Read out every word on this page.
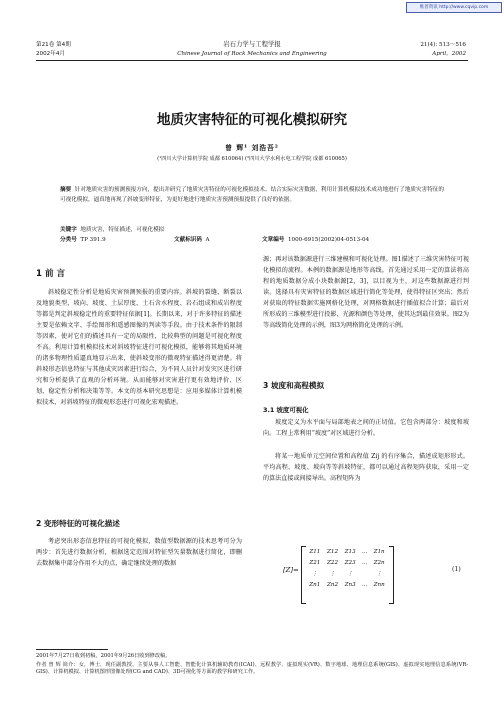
维普资讯 http://www.cqvip.com
第21卷 第4期
2002年4月
岩石力学与工程学报
Chinese Journal of Rock Mechanics and Engineering
21(4): 513～516
April，2002
地质灾害特征的可视化模拟研究
曾 辉¹ 刘浩吾²
(¹四川大学计算机学院 成都 610064) (²四川大学水利水电工程学院 成都 610065)
摘要 针对地质灾害的预测预报方向，提出并研究了地质灾害特征的可视化模拟技术。结合实际灾害数据，利用计算机模拟技术成功地进行了地质灾害特征的可视化模拟，逼真地再现了斜坡变形特征，为更好地进行地质灾害预测预报提供了良好的依据。
关键字 地质灾害，特征描述，可视化模拟
分类号 TP 391.9	文献标识码 A	文章编号 1000-6915(2002)04-0513-04
1 前 言
斜坡稳定性分析是地质灾害预测预报的重要内容。斜坡的裂缝、断裂以及地貌类型、坡向、坡度、土层厚度、土石含水程度、岩石组成和成岩程度等都是判定斜坡稳定性的重要特征依据[1]。长期以来，对于许多特征的描述主要是依赖文字、手绘图形和遥感图像的判读等手段。由于技术条件的限制等因素，使对它们的描述具有一定的局限性，比较典型的问题是可视化程度不高。利用计算机模拟技术对斜坡特征进行可视化模拟，能够将其地质环境的诸多物理性质逼真地显示出来，使斜坡变形的微观特征描述得更清楚。将斜坡形态信息特征与其他成灾因素进行综合，为不同人员针对发灾区进行研究和分析提供了直观的分析环境。从而能够对灾害进行更有效地评价、区划、稳定性分析和决策等等。本文的基本研究思想是：应用多媒体计算机模拟技术，对斜坡特征的微观形态进行可视化宏观描述。
2 变形特征的可视化描述
考虑突出形态信息特征的可视化模拟，数值型数据源的技术思考可分为两步：首先进行数据分析，根据选定范围对特征型矢量数据进行简化，即删去数据集中部分作用不大的点，确定继续处理的数据
源；再对该数据源进行三维建模和可视化处理。图1描述了三维灾害特征可视化模拟的流程。本例的数据源是地形等高线。首先通过采用一定的算法将高程的地质数据分成小块数据源[2，3]，以目视为主，对这些数据源进行判读。选择具有灾害特征的数据区域进行简化等处理，使得特征区突出；然后对获取的特征数据实施网格化处理，对网格数据进行插值拟合计算；最后对所形成的三维模型进行投影、光源和颜色等处理，使其达到最佳效果。图2为等高线简化处理的示例，图3为网格简化处理的示例。
3 坡度和高程模拟
3.1 坡度可视化
坡度定义为水平面与局部地表之间的正切值。它包含两部分：坡度和坡向。工程上常利用“坡度”对区域进行分析。
将某一地质单元空间位置和高程值 Zij 的有序集合，描述成矩形形式。平均高程、坡度、坡向等等斜坡特征，都可以通过高程矩阵获取，采用一定的算法直接或间接导出。高程矩阵为
[Z]=
Z11	Z12	Z13	…	Z1n
Z21	Z22	Z23	…	Z2n
⋮	⋮	⋮		⋮
Zn1	Zn2	Zn3	…	Znn
(1)
2001年7月27日收到初稿，2001年9月26日收到修改稿。
作者 曾 辉 简介：女，博士，现任副教授，主要从事人工智能、智能化计算机辅助教育(ICAI)、远程教学、虚拟现实(VR)、数字地球、地理信息系统(GIS)、虚拟现实地理信息系统(VR-GIS)、计算机模拟、计算机图形图像处理(CG and CAD)、3D可视化等方面的教学和研究工作。
